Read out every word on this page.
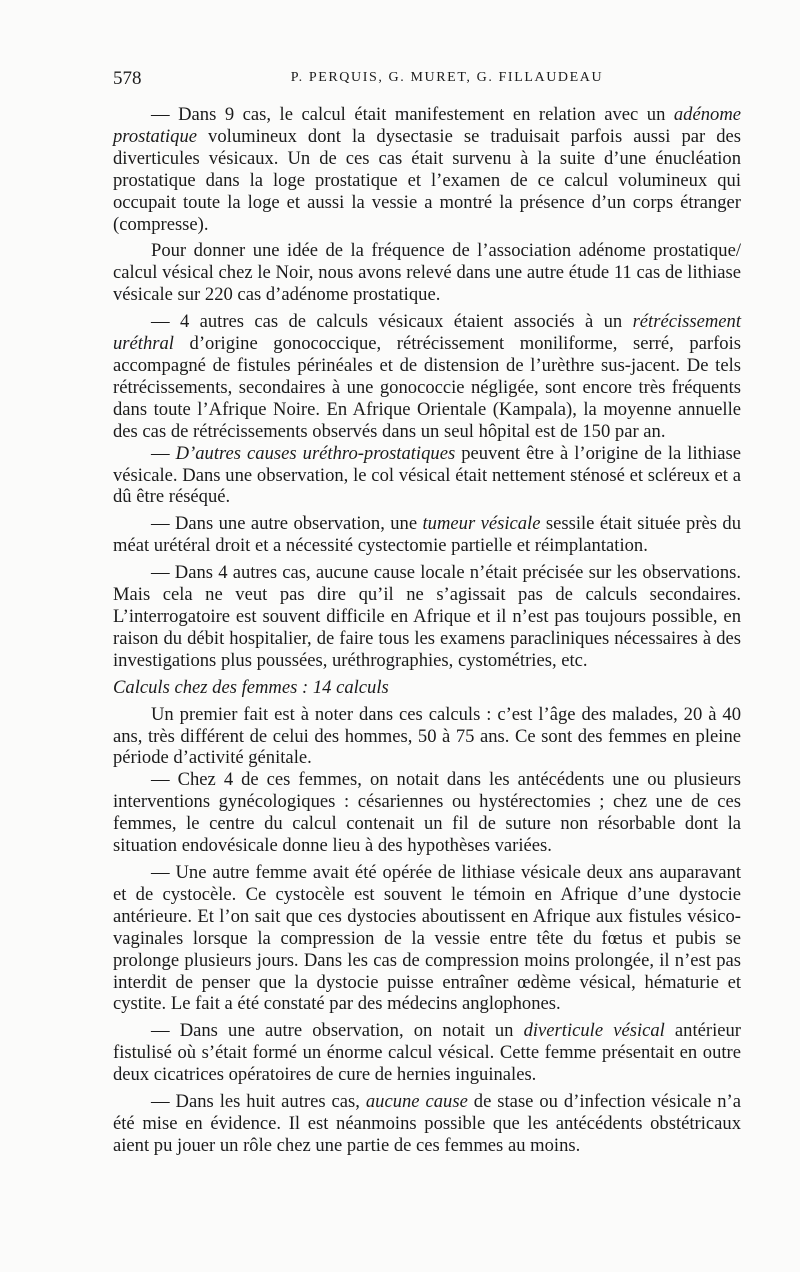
578	P. PERQUIS, G. MURET, G. FILLAUDEAU

— Dans 9 cas, le calcul était manifestement en relation avec un adénome prostatique volumineux dont la dysectasie se traduisait parfois aussi par des diverticules vésicaux. Un de ces cas était survenu à la suite d’une énucléation prostatique dans la loge prostatique et l’examen de ce calcul volumineux qui occupait toute la loge et aussi la vessie a montré la présence d’un corps étranger (compresse).

Pour donner une idée de la fréquence de l’association adénome prostatique/ calcul vésical chez le Noir, nous avons relevé dans une autre étude 11 cas de lithiase vésicale sur 220 cas d’adénome prostatique.

— 4 autres cas de calculs vésicaux étaient associés à un rétrécissement uréthral d’origine gonococcique, rétrécissement moniliforme, serré, parfois accompagné de fistules périnéales et de distension de l’urèthre sus-jacent. De tels rétrécissements, secondaires à une gonococcie négligée, sont encore très fréquents dans toute l’Afrique Noire. En Afrique Orientale (Kampala), la moyenne annuelle des cas de rétrécissements observés dans un seul hôpital est de 150 par an.

— D’autres causes uréthro-prostatiques peuvent être à l’origine de la lithiase vésicale. Dans une observation, le col vésical était nettement sténosé et scléreux et a dû être réséqué.

— Dans une autre observation, une tumeur vésicale sessile était située près du méat urétéral droit et a nécessité cystectomie partielle et réimplantation.

— Dans 4 autres cas, aucune cause locale n’était précisée sur les observations. Mais cela ne veut pas dire qu’il ne s’agissait pas de calculs secondaires. L’interrogatoire est souvent difficile en Afrique et il n’est pas toujours possible, en raison du débit hospitalier, de faire tous les examens paracliniques nécessaires à des investigations plus poussées, uréthrographies, cystométries, etc.

Calculs chez des femmes : 14 calculs

Un premier fait est à noter dans ces calculs : c’est l’âge des malades, 20 à 40 ans, très différent de celui des hommes, 50 à 75 ans. Ce sont des femmes en pleine période d’activité génitale.

— Chez 4 de ces femmes, on notait dans les antécédents une ou plusieurs interventions gynécologiques : césariennes ou hystérectomies ; chez une de ces femmes, le centre du calcul contenait un fil de suture non résorbable dont la situation endovésicale donne lieu à des hypothèses variées.

— Une autre femme avait été opérée de lithiase vésicale deux ans auparavant et de cystocèle. Ce cystocèle est souvent le témoin en Afrique d’une dystocie antérieure. Et l’on sait que ces dystocies aboutissent en Afrique aux fistules vésico-vaginales lorsque la compression de la vessie entre tête du fœtus et pubis se prolonge plusieurs jours. Dans les cas de compression moins prolongée, il n’est pas interdit de penser que la dystocie puisse entraîner œdème vésical, hématurie et cystite. Le fait a été constaté par des médecins anglophones.

— Dans une autre observation, on notait un diverticule vésical antérieur fistulisé où s’était formé un énorme calcul vésical. Cette femme présentait en outre deux cicatrices opératoires de cure de hernies inguinales.

— Dans les huit autres cas, aucune cause de stase ou d’infection vésicale n’a été mise en évidence. Il est néanmoins possible que les antécédents obstétricaux aient pu jouer un rôle chez une partie de ces femmes au moins.
